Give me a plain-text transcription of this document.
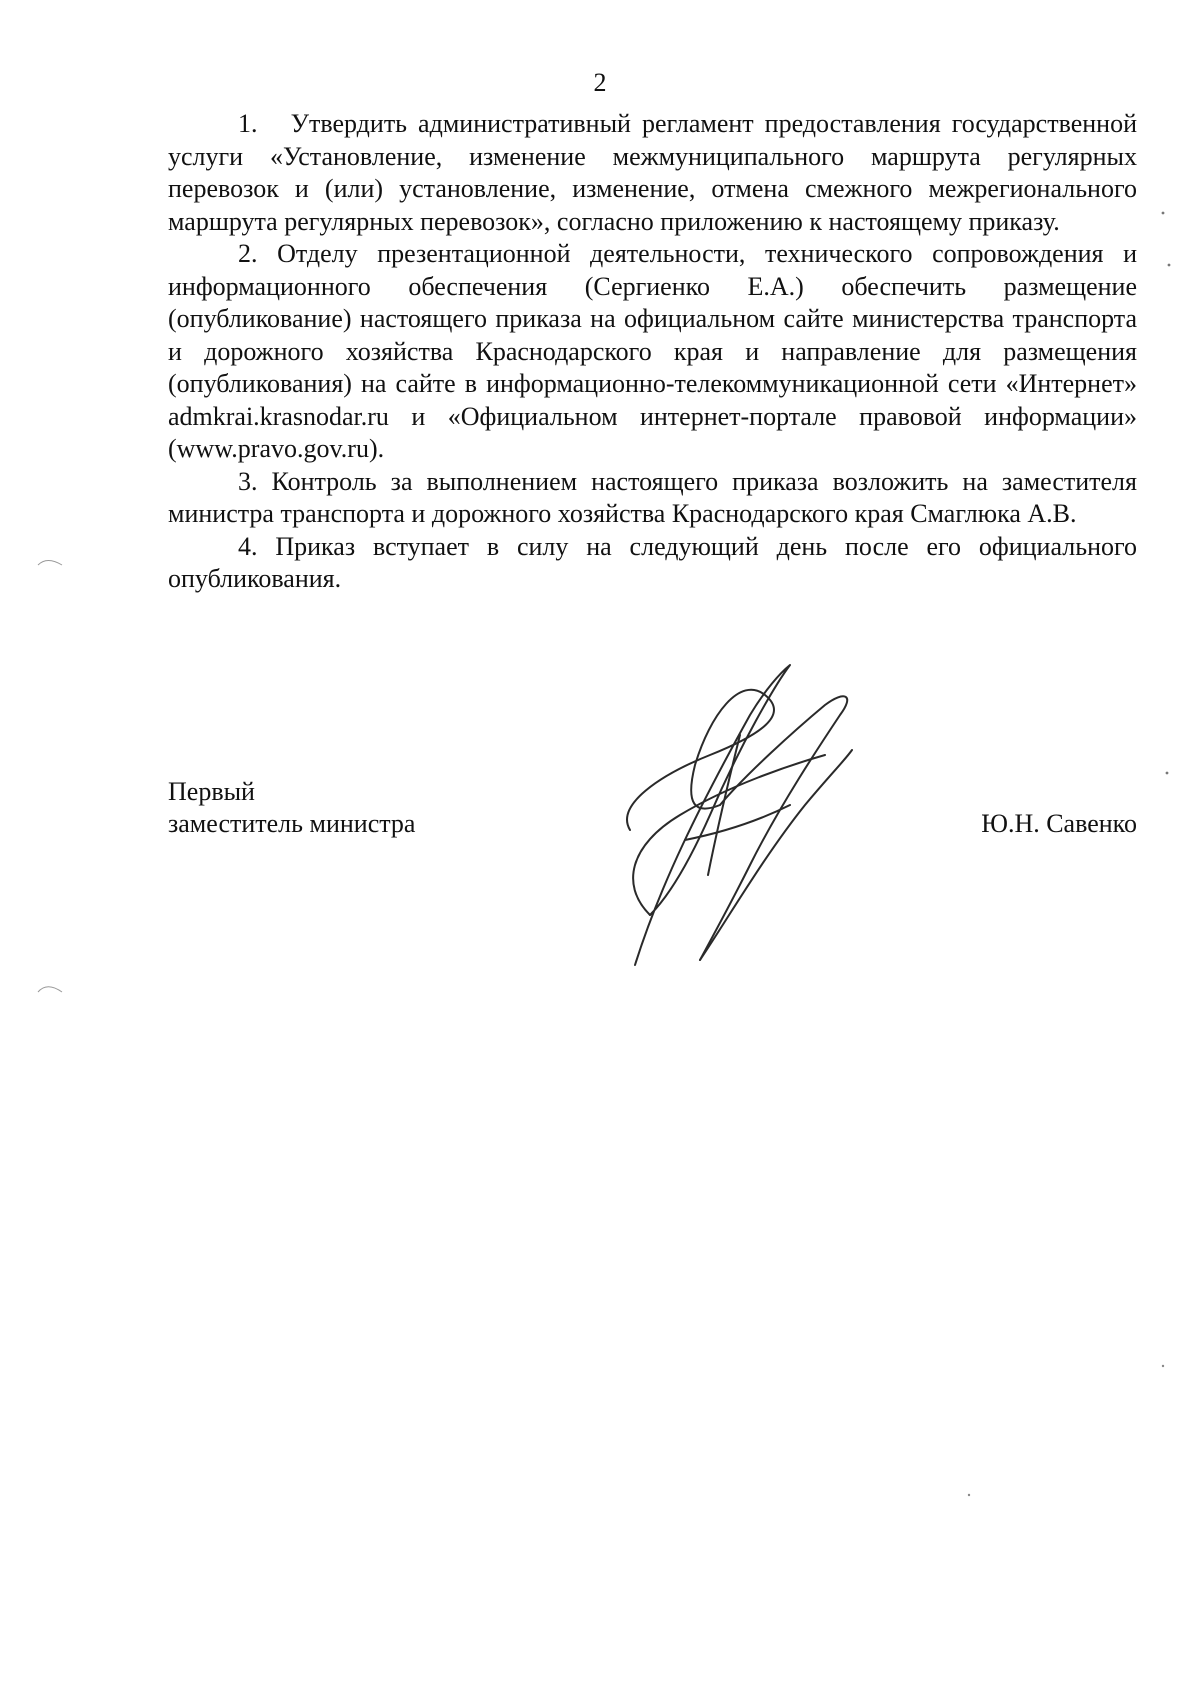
2

1.   Утвердить административный регламент предоставления государственной услуги «Установление, изменение межмуниципального маршрута регулярных перевозок и (или) установление, изменение, отмена смежного межрегионального маршрута регулярных перевозок», согласно приложению к настоящему приказу.

2. Отделу презентационной деятельности, технического сопровождения и информационного обеспечения (Сергиенко Е.А.) обеспечить размещение (опубликование) настоящего приказа на официальном сайте министерства транспорта и дорожного хозяйства Краснодарского края и направление для размещения (опубликования) на сайте в информационно-телекоммуникационной сети «Интернет» admkrai.krasnodar.ru и «Официальном интернет-портале правовой информации» (www.pravo.gov.ru).

3. Контроль за выполнением настоящего приказа возложить на заместителя министра транспорта и дорожного хозяйства Краснодарского края Смаглюка А.В.

4. Приказ вступает в силу на следующий день после его официального опубликования.

Первый
заместитель министра	Ю.Н. Савенко
